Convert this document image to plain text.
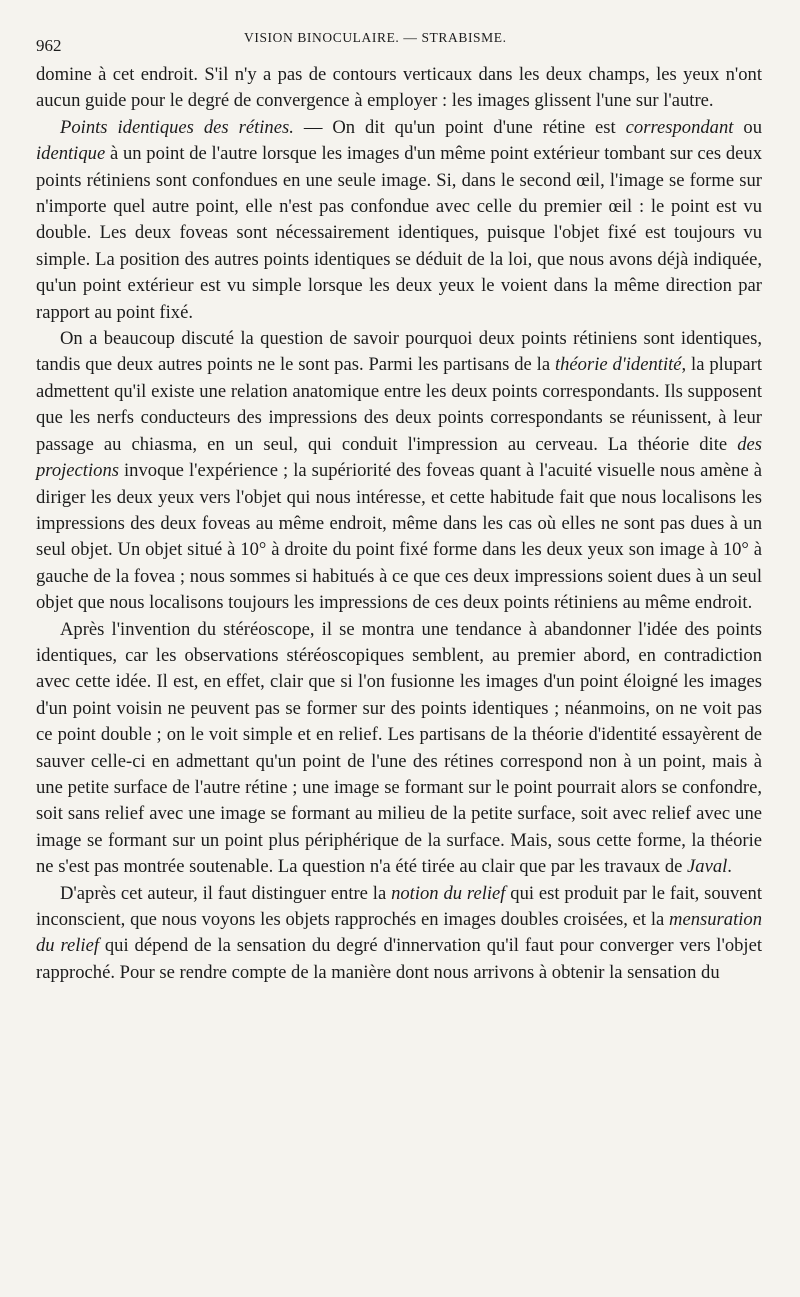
962	VISION BINOCULAIRE. — STRABISME.

domine à cet endroit. S'il n'y a pas de contours verticaux dans les deux champs, les yeux n'ont aucun guide pour le degré de convergence à employer : les images glissent l'une sur l'autre.

Points identiques des rétines. — On dit qu'un point d'une rétine est correspondant ou identique à un point de l'autre lorsque les images d'un même point extérieur tombant sur ces deux points rétiniens sont confondues en une seule image. Si, dans le second œil, l'image se forme sur n'importe quel autre point, elle n'est pas confondue avec celle du premier œil : le point est vu double. Les deux foveas sont nécessairement identiques, puisque l'objet fixé est toujours vu simple. La position des autres points identiques se déduit de la loi, que nous avons déjà indiquée, qu'un point extérieur est vu simple lorsque les deux yeux le voient dans la même direction par rapport au point fixé.

On a beaucoup discuté la question de savoir pourquoi deux points rétiniens sont identiques, tandis que deux autres points ne le sont pas. Parmi les partisans de la théorie d'identité, la plupart admettent qu'il existe une relation anatomique entre les deux points correspondants. Ils supposent que les nerfs conducteurs des impressions des deux points correspondants se réunissent, à leur passage au chiasma, en un seul, qui conduit l'impression au cerveau. La théorie dite des projections invoque l'expérience ; la supériorité des foveas quant à l'acuité visuelle nous amène à diriger les deux yeux vers l'objet qui nous intéresse, et cette habitude fait que nous localisons les impressions des deux foveas au même endroit, même dans les cas où elles ne sont pas dues à un seul objet. Un objet situé à 10° à droite du point fixé forme dans les deux yeux son image à 10° à gauche de la fovea ; nous sommes si habitués à ce que ces deux impressions soient dues à un seul objet que nous localisons toujours les impressions de ces deux points rétiniens au même endroit.

Après l'invention du stéréoscope, il se montra une tendance à abandonner l'idée des points identiques, car les observations stéréoscopiques semblent, au premier abord, en contradiction avec cette idée. Il est, en effet, clair que si l'on fusionne les images d'un point éloigné les images d'un point voisin ne peuvent pas se former sur des points identiques ; néanmoins, on ne voit pas ce point double ; on le voit simple et en relief. Les partisans de la théorie d'identité essayèrent de sauver celle-ci en admettant qu'un point de l'une des rétines correspond non à un point, mais à une petite surface de l'autre rétine ; une image se formant sur le point pourrait alors se confondre, soit sans relief avec une image se formant au milieu de la petite surface, soit avec relief avec une image se formant sur un point plus périphérique de la surface. Mais, sous cette forme, la théorie ne s'est pas montrée soutenable. La question n'a été tirée au clair que par les travaux de Javal.

D'après cet auteur, il faut distinguer entre la notion du relief qui est produit par le fait, souvent inconscient, que nous voyons les objets rapprochés en images doubles croisées, et la mensuration du relief qui dépend de la sensation du degré d'innervation qu'il faut pour converger vers l'objet rapproché. Pour se rendre compte de la manière dont nous arrivons à obtenir la sensation du
